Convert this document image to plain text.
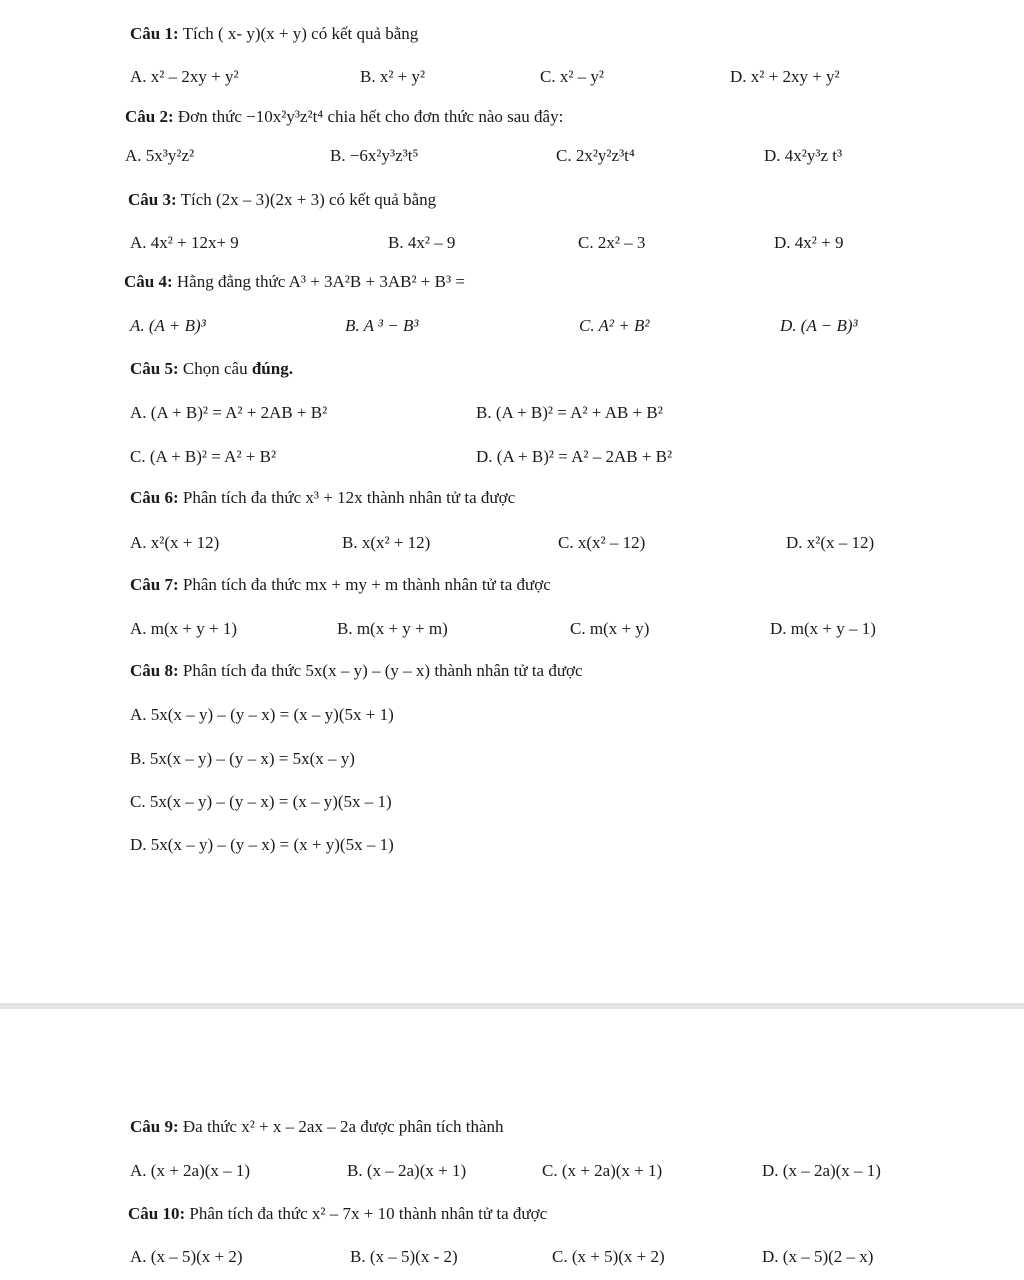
Câu 1: Tích ( x- y)(x + y) có kết quả bằng
A. x² – 2xy + y²	B. x² + y²	C. x² – y²	D. x² + 2xy + y²
Câu 2: Đơn thức −10x²y³z²t⁴ chia hết cho đơn thức nào sau đây:
A. 5x³y²z²	B. −6x²y³z³t⁵	C. 2x²y²z³t⁴	D. 4x²y³z t³
Câu 3: Tích (2x – 3)(2x + 3) có kết quả bằng
A. 4x² + 12x+ 9	B. 4x² – 9	C. 2x² – 3	D. 4x² + 9
Câu 4: Hằng đẳng thức A³ + 3A²B + 3AB² + B³ =
A. (A + B)³	B. A ³ − B³	C. A² + B²	D. (A − B)³
Câu 5: Chọn câu đúng.
A. (A + B)² = A² + 2AB + B²	B. (A + B)² = A² + AB + B²
C. (A + B)² = A² + B²	D. (A + B)² = A² – 2AB + B²
Câu 6: Phân tích đa thức x³ + 12x thành nhân tử ta được
A. x²(x + 12)	B. x(x² + 12)	C. x(x² – 12)	D. x²(x – 12)
Câu 7: Phân tích đa thức mx + my + m thành nhân tử ta được
A. m(x + y + 1)	B. m(x + y + m)	C. m(x + y)	D. m(x + y – 1)
Câu 8: Phân tích đa thức 5x(x – y) – (y – x) thành nhân tử ta được
A. 5x(x – y) – (y – x) = (x – y)(5x + 1)
B. 5x(x – y) – (y – x) = 5x(x – y)
C. 5x(x – y) – (y – x) = (x – y)(5x – 1)
D. 5x(x – y) – (y – x) = (x + y)(5x – 1)
Câu 9: Đa thức x² + x – 2ax – 2a được phân tích thành
A. (x + 2a)(x – 1)	B. (x – 2a)(x + 1)	C. (x + 2a)(x + 1)	D. (x – 2a)(x – 1)
Câu 10: Phân tích đa thức x² – 7x + 10 thành nhân tử ta được
A. (x – 5)(x + 2)	B. (x – 5)(x - 2)	C. (x + 5)(x + 2)	D. (x – 5)(2 – x)
